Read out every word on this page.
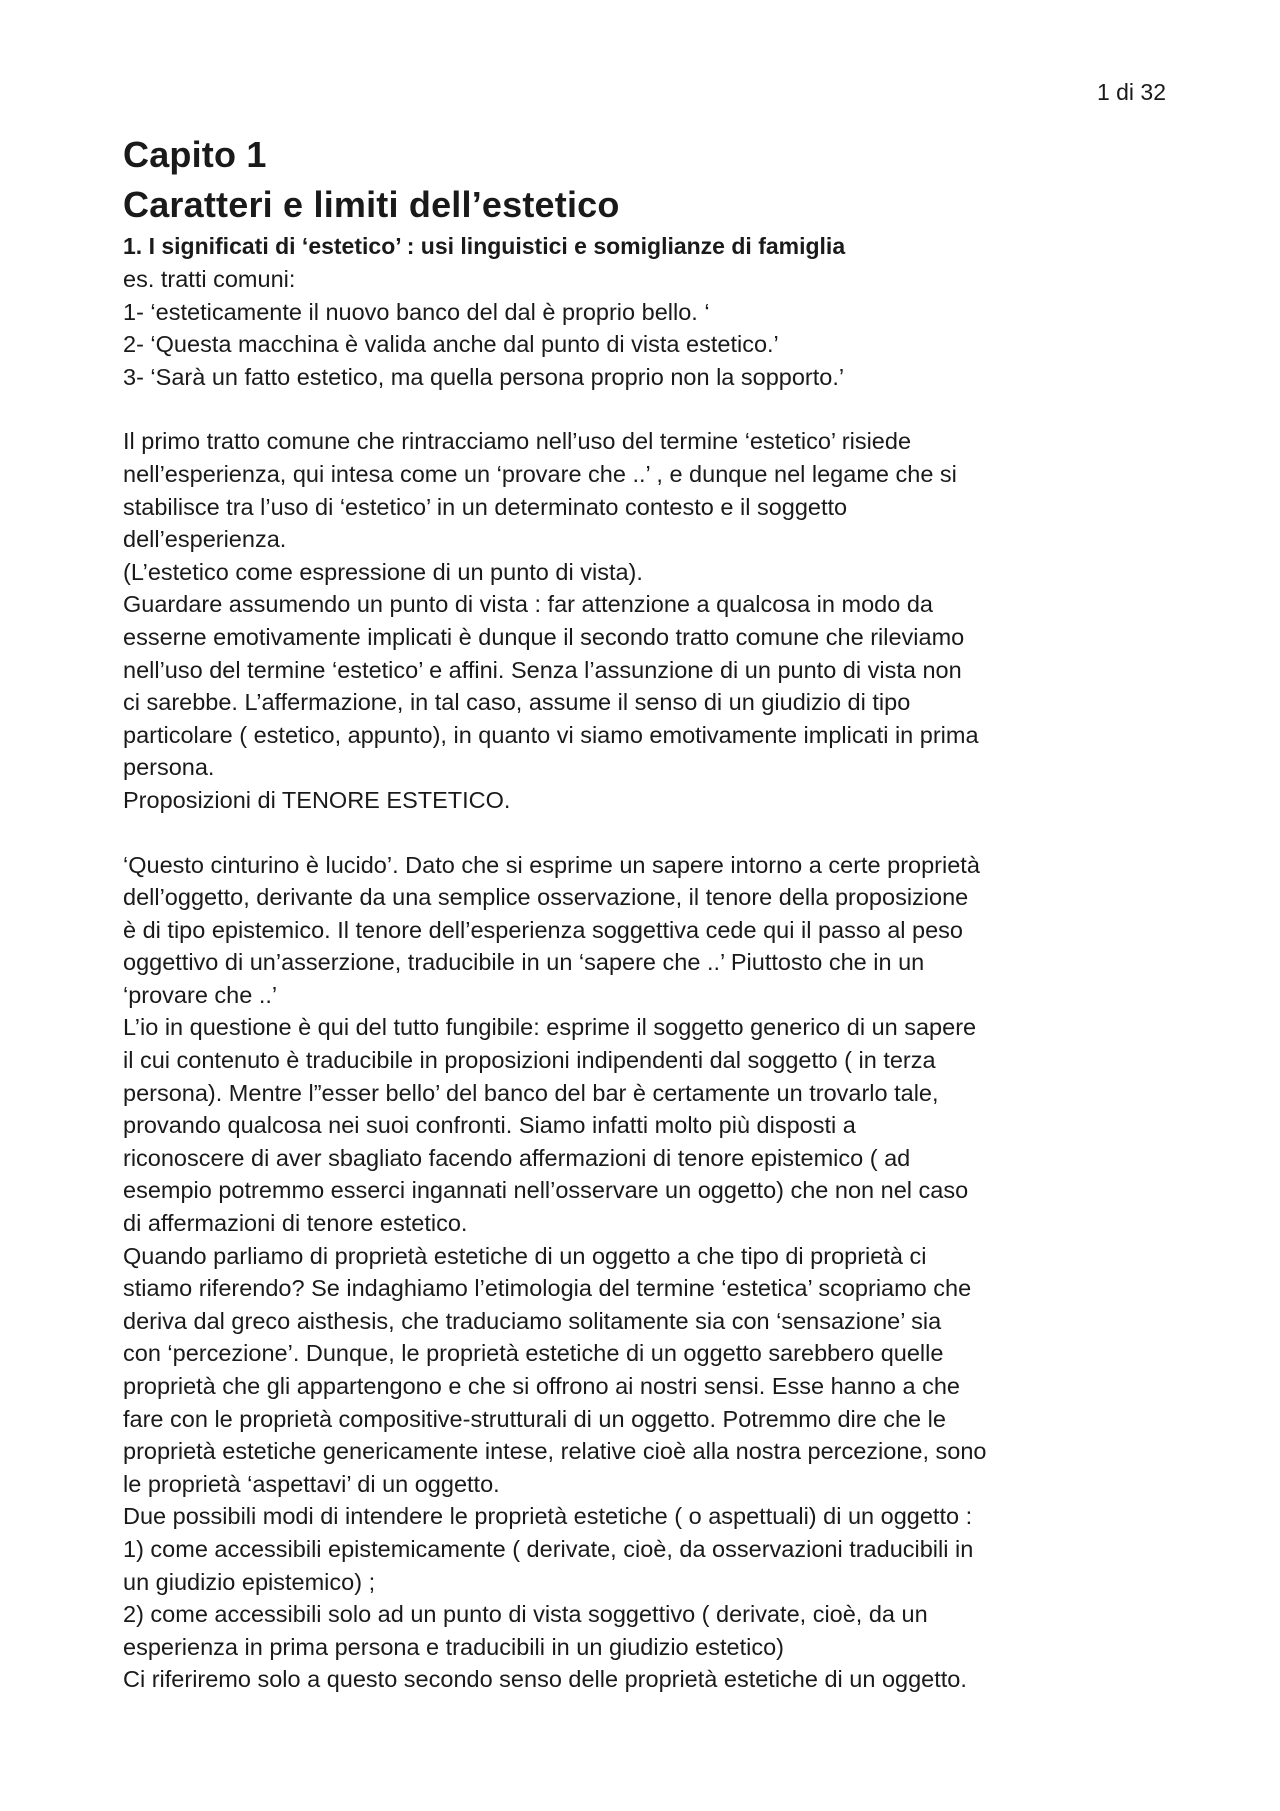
1 di 32
Capito 1
Caratteri e limiti dell’estetico
1. I significati di ‘estetico’ : usi linguistici e somiglianze di famiglia

es. tratti comuni:

1- ‘esteticamente il nuovo banco del dal è proprio bello. ‘

2- ‘Questa macchina è valida anche dal punto di vista estetico.’

3- ‘Sarà un fatto estetico, ma quella persona proprio non la sopporto.’

Il primo tratto comune che rintracciamo nell’uso del termine ‘estetico’ risiede

nell’esperienza, qui intesa come un ‘provare che ..’ , e dunque nel legame che si

stabilisce tra l’uso di ‘estetico’ in un determinato contesto e il soggetto

dell’esperienza.

(L’estetico come espressione di un punto di vista).

Guardare assumendo un punto di vista : far attenzione a qualcosa in modo da

esserne emotivamente implicati è dunque il secondo tratto comune che rileviamo

nell’uso del termine ‘estetico’ e affini. Senza l’assunzione di un punto di vista non

ci sarebbe. L’affermazione, in tal caso, assume il senso di un giudizio di tipo

particolare ( estetico, appunto), in quanto vi siamo emotivamente implicati in prima

persona.

Proposizioni di TENORE ESTETICO.

‘Questo cinturino è lucido’. Dato che si esprime un sapere intorno a certe proprietà

dell’oggetto, derivante da una semplice osservazione, il tenore della proposizione

è di tipo epistemico. Il tenore dell’esperienza soggettiva cede qui il passo al peso

oggettivo di un’asserzione, traducibile in un ‘sapere che ..’ Piuttosto che in un

‘provare che ..’

L’io in questione è qui del tutto fungibile: esprime il soggetto generico di un sapere

il cui contenuto è traducibile in proposizioni indipendenti dal soggetto ( in terza

persona). Mentre l”esser bello’ del banco del bar è certamente un trovarlo tale,

provando qualcosa nei suoi confronti. Siamo infatti molto più disposti a

riconoscere di aver sbagliato facendo affermazioni di tenore epistemico ( ad

esempio potremmo esserci ingannati nell’osservare un oggetto) che non nel caso

di affermazioni di tenore estetico.

Quando parliamo di proprietà estetiche di un oggetto a che tipo di proprietà ci

stiamo riferendo? Se indaghiamo l’etimologia del termine ‘estetica’ scopriamo che

deriva dal greco aisthesis, che traduciamo solitamente sia con ‘sensazione’ sia

con ‘percezione’. Dunque, le proprietà estetiche di un oggetto sarebbero quelle

proprietà che gli appartengono e che si offrono ai nostri sensi. Esse hanno a che

fare con le proprietà compositive-strutturali di un oggetto. Potremmo dire che le

proprietà estetiche genericamente intese, relative cioè alla nostra percezione, sono

le proprietà ‘aspettavi’ di un oggetto.

Due possibili modi di intendere le proprietà estetiche ( o aspettuali) di un oggetto :

1) come accessibili epistemicamente ( derivate, cioè, da osservazioni traducibili in

un giudizio epistemico) ;

2) come accessibili solo ad un punto di vista soggettivo ( derivate, cioè, da un

esperienza in prima persona e traducibili in un giudizio estetico)

Ci riferiremo solo a questo secondo senso delle proprietà estetiche di un oggetto.
